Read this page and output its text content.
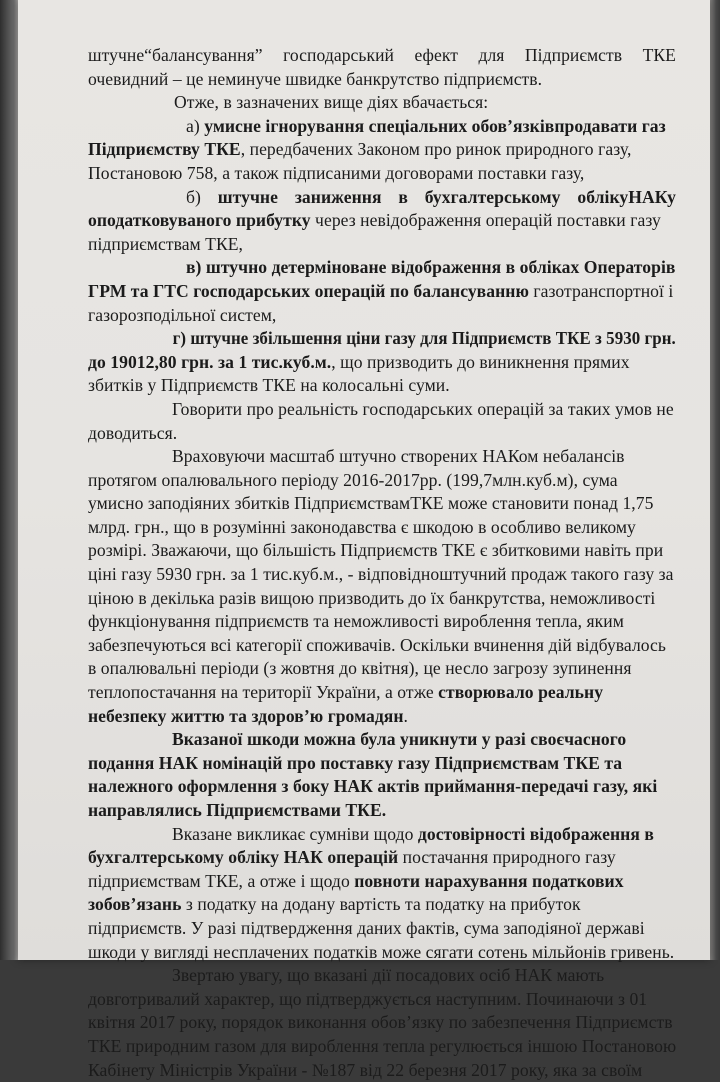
штучне“балансування” господарський ефект для Підприємств ТКЕ
очевидний – це неминуче швидке банкрутство підприємств.
Отже, в зазначених вище діях вбачається:
а) умисне ігнорування спеціальних обов’язківпродавати газ
Підприємству ТКЕ, передбачених Законом про ринок природного газу,
Постановою 758, а також підписаними договорами поставки газу,
б) штучне заниження в бухгалтерському облікуНАКу
оподатковуваного прибутку через невідображення операцій поставки газу
підприємствам ТКЕ,
в) штучно детерміноване відображення в обліках Операторів
ГРМ та ГТС господарських операцій по балансуванню газотранспортної і
газорозподільної систем,
г) штучне збільшення ціни газу для Підприємств ТКЕ з 5930 грн.
до 19012,80 грн. за 1 тис.куб.м., що призводить до виникнення прямих
збитків у Підприємств ТКЕ на колосальні суми.
Говорити про реальність господарських операцій за таких умов не
доводиться.
Враховуючи масштаб штучно створених НАКом небалансів
протягом опалювального періоду 2016-2017рр. (199,7млн.куб.м), сума
умисно заподіяних збитків ПідприємствамТКЕ може становити понад 1,75
млрд. грн., що в розумінні законодавства є шкодою в особливо великому
розмірі. Зважаючи, що більшість Підприємств ТКЕ є збитковими навіть при
ціні газу 5930 грн. за 1 тис.куб.м., - відповідноштучний продаж такого газу за
ціною в декілька разів вищою призводить до їх банкрутства, неможливості
функціонування підприємств та неможливості вироблення тепла, яким
забезпечуються всі категорії споживачів. Оскільки вчинення дій відбувалось
в опалювальні періоди (з жовтня до квітня), це несло загрозу зупинення
теплопостачання на території України, а отже створювало реальну
небезпеку життю та здоров’ю громадян.
Вказаної шкоди можна була уникнути у разі своєчасного
подання НАК номінацій про поставку газу Підприємствам ТКЕ та
належного оформлення з боку НАК актів приймання-передачі газу, які
направлялись Підприємствами ТКЕ.
Вказане викликає сумніви щодо достовірності відображення в
бухгалтерському обліку НАК операцій постачання природного газу
підприємствам ТКЕ, а отже і щодо повноти нарахування податкових
зобов’язань з податку на додану вартість та податку на прибуток
підприємств. У разі підтвердження даних фактів, сума заподіяної державі
шкоди у вигляді несплачених податків може сягати сотень мільйонів гривень.
Звертаю увагу, що вказані дії посадових осіб НАК мають
довготривалий характер, що підтверджується наступним. Починаючи з 01
квітня 2017 року, порядок виконання обов’язку по забезпечення Підприємств
ТКЕ природним газом для вироблення тепла регулюється іншою Постановою
Кабінету Міністрів України - №187 від 22 березня 2017 року, яка за своїм
